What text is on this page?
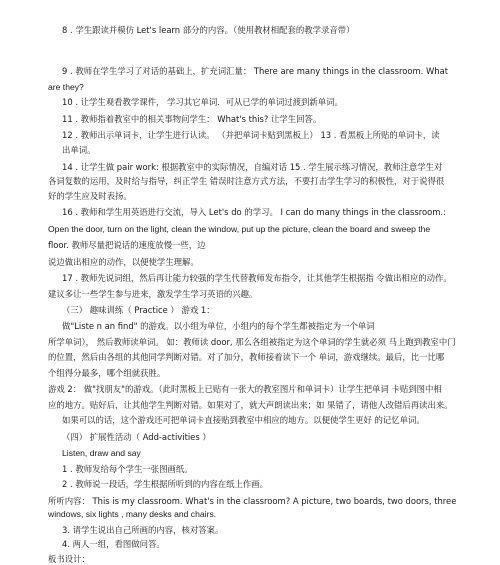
8 . 学生跟读并模仿 Let's learn 部分的内容。（使用教材相配套的教学录音带）
9 . 教师在学生学习了对话的基础上，扩充词汇量： There are many things in the classroom. What
are they?
10 . 让学生观看教学课件， 学习其它单词．可从已学的单词过渡到新单词。
11 . 教师指着教室中的相关事物问学生： What's this? 让学生回答。
12 . 教师出示单词卡，让学生进行认读。 （并把单词卡贴到黑板上） 13 . 看黑板上所贴的单词卡，读
出单词。
14 . 让学生做 pair work: 根据教室中的实际情况，自编对话 15 . 学生展示练习情况，教师注意学生对
各词复数的运用，及时给与指导，纠正学生 错误时注意方式方法，不要打击学生学习的积极性，对于说得很
好的学生应及时表扬。
16 . 教师和学生用英语进行交流，导入 Let's do 的学习。 I can do many things in the classroom.:
Open the door, turn on the light, clean the window, put up the picture, clean the board and sweep the
floor. 教师尽量把说话的速度放慢一些，边
说边做出相应的动作，以便使学生理解。
17 . 教师先说词组，然后再让能力较强的学生代替教师发布指令，让其他学生根据指 令做出相应的动作。
建议多让一些学生参与进来，激发学生学习英语的兴趣。
（三） 趣味训练（ Practice ） 游戏 1：
做"Liste n an find" 的游戏。以小组为单位，小组内的每个学生都被指定为一个单词
所学单词）， 然后教师读单词。 如：教师读 door, 那么各组被指定为这个单词的学生就必须 马上跑到教室中门
的位置，然后由各组的其他同学判断对错。对了加分，教师接着读下一个 单词，游戏继续。最后，比一比哪
个组得分最多，哪个组就获胜。
游戏 2： 做"找朋友"的游戏。（此时黑板上已贴有一张大的教室图片和单词卡）让学生把单词 卡贴到图中相
应的地方。贴好后，让其他学生判断对错。如果对了，就大声朗读出来；如 果错了，请他人改错后再读出来。
如果可以的话，这个游戏还可把单词卡直接贴到教室中相应的地方。以便使学生更好 的记忆单词。
（四） 扩展性活动（ Add-activities ）
Listen, draw and say
1 . 教师发给每个学生一张图画纸。
2 . 教师说一段话，学生根据所听到的内容在纸上作画。
所听内容： This is my classroom. What's in the classroom? A picture, two boards, two doors, three
windows, six lights , many desks and chairs.
3. 请学生说出自己所画的内容，核对答案。
4. 两人一组，看图做问答。
板书设计：
